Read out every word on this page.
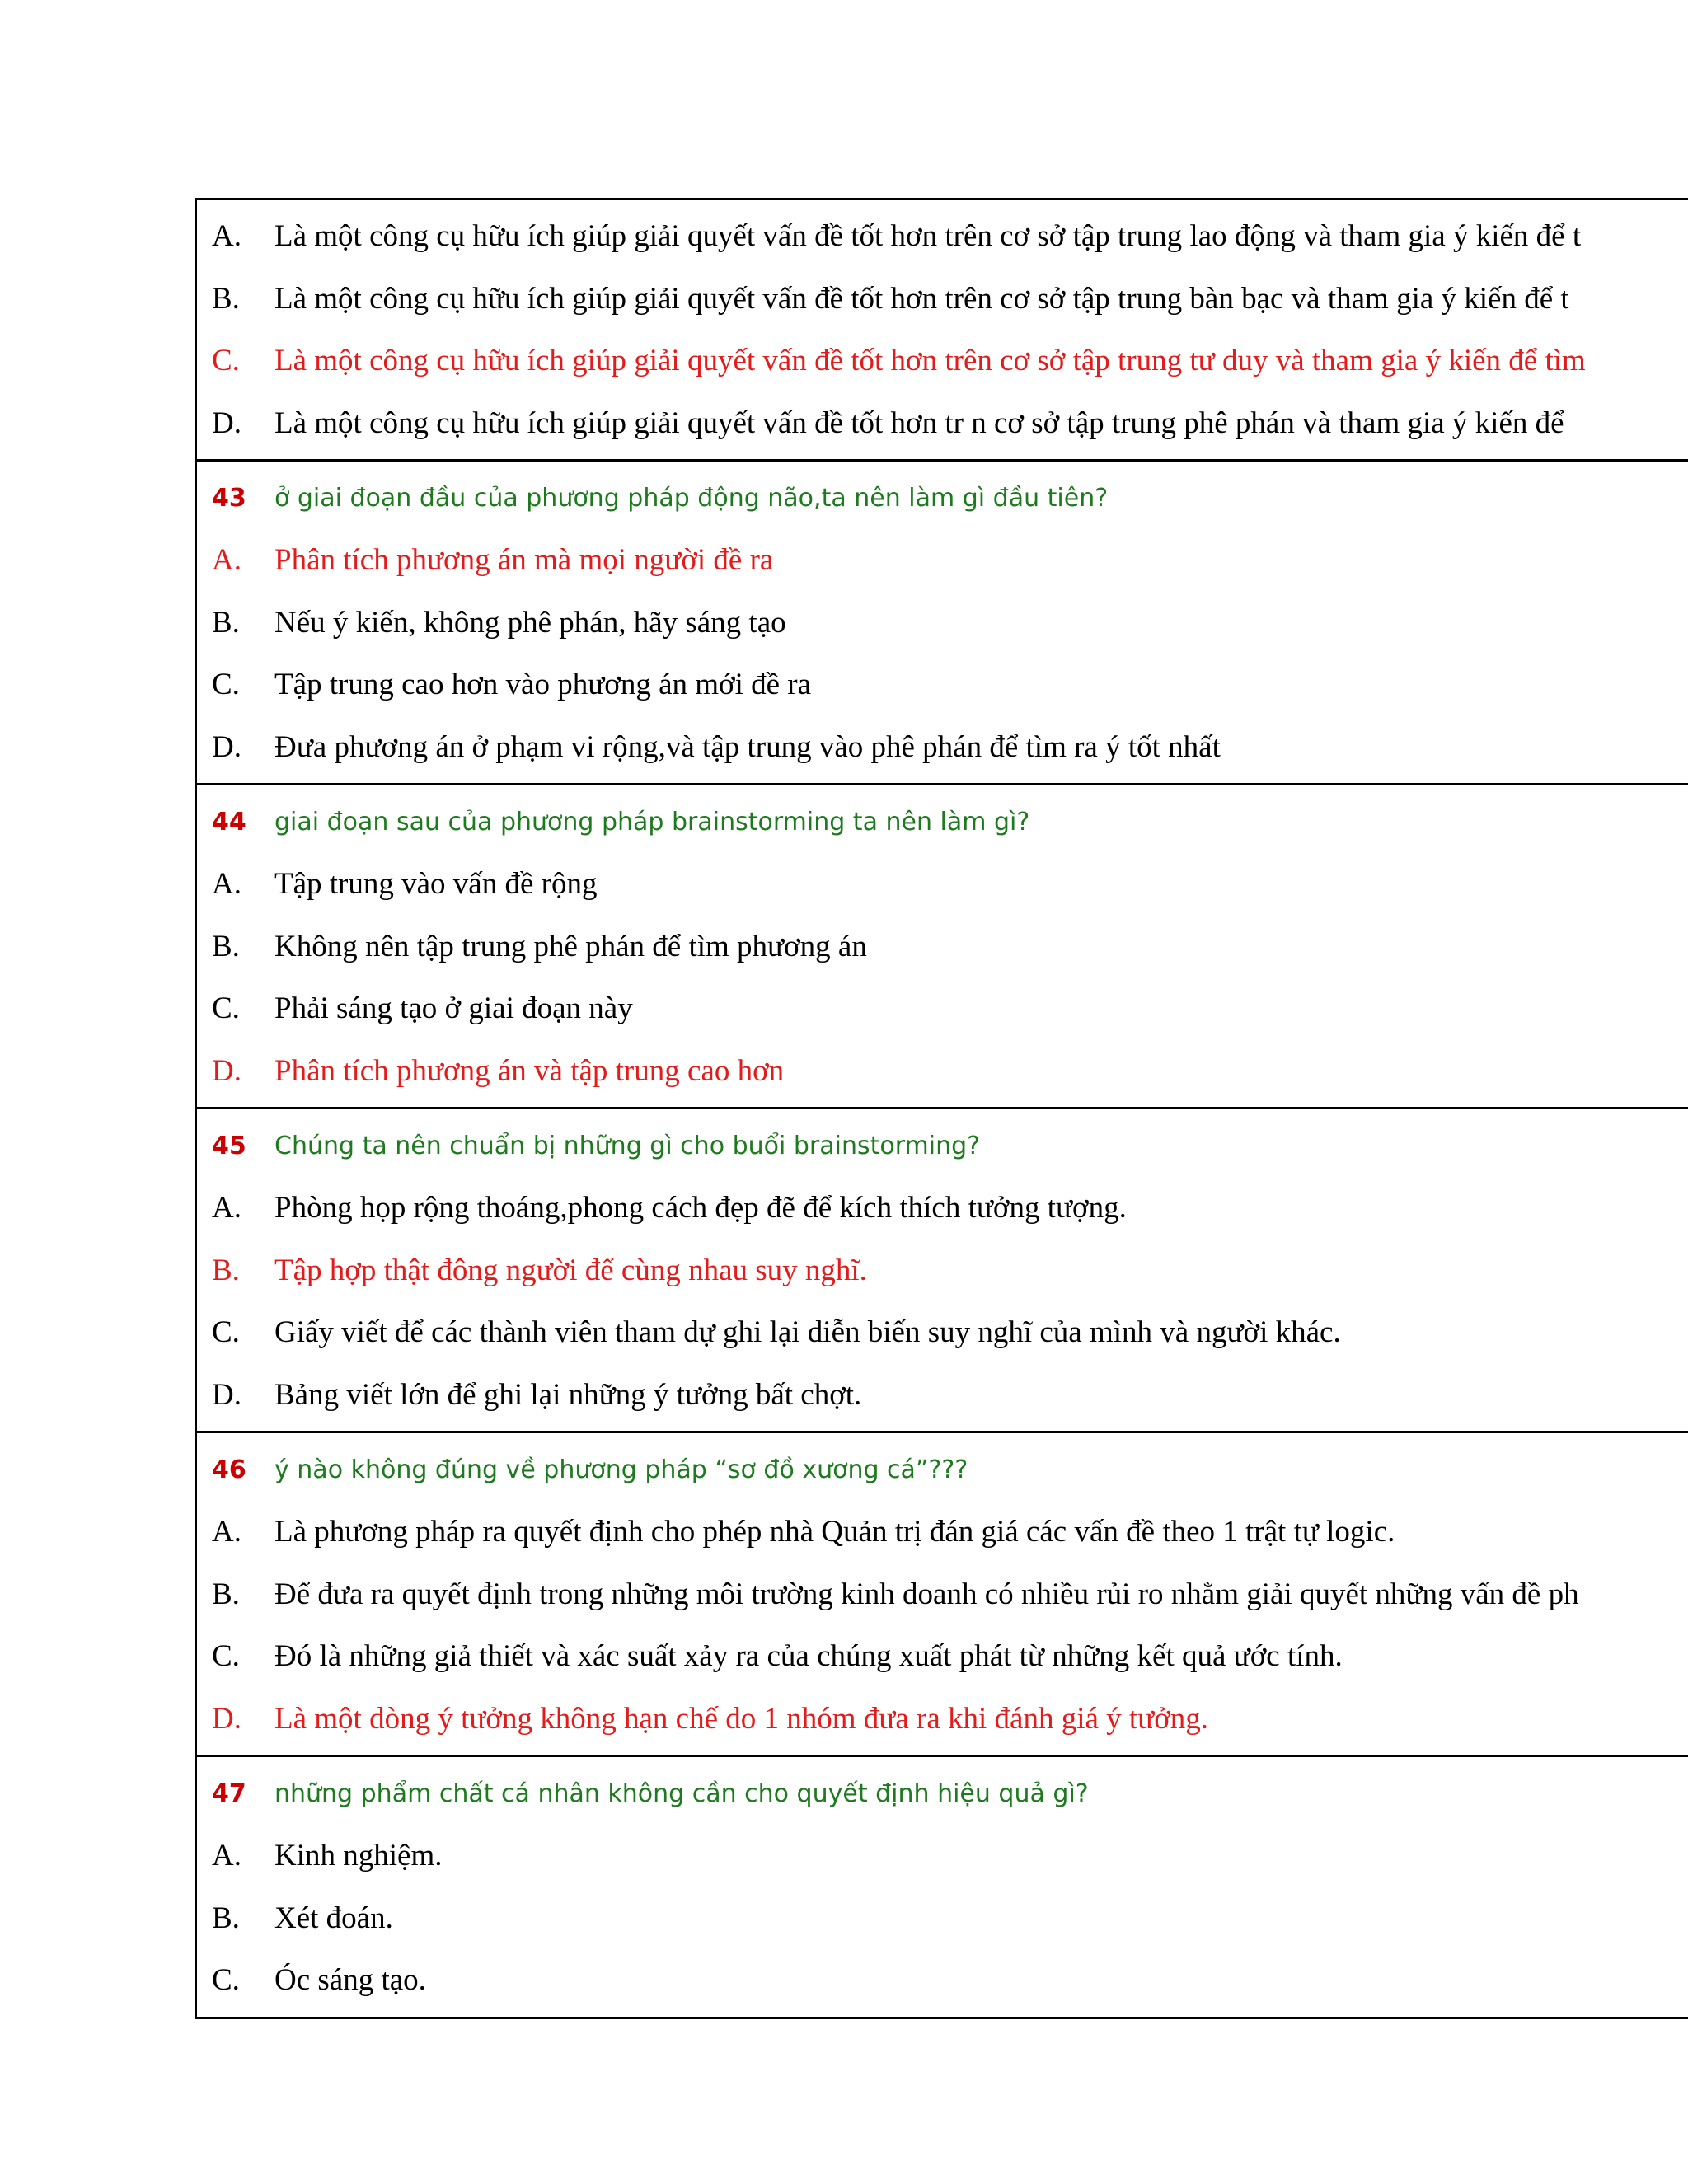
A.	Là một công cụ hữu ích giúp giải quyết vấn đề tốt hơn trên cơ sở tập trung lao động và tham gia ý kiến để t
B.	Là một công cụ hữu ích giúp giải quyết vấn đề tốt hơn trên cơ sở tập trung bàn bạc và tham gia ý kiến để t
C.	Là một công cụ hữu ích giúp giải quyết vấn đề tốt hơn trên cơ sở tập trung tư duy và tham gia ý kiến để tìm
D.	Là một công cụ hữu ích giúp giải quyết vấn đề tốt hơn tr n cơ sở tập trung phê phán và tham gia ý kiến để
43	ở giai đoạn đầu của phương pháp động não,ta nên làm gì đầu tiên?
A.	Phân tích phương án mà mọi người đề ra
B.	Nếu ý kiến, không phê phán, hãy sáng tạo
C.	Tập trung cao hơn vào phương án mới đề ra
D.	Đưa phương án ở phạm vi rộng,và tập trung vào phê phán để tìm ra ý tốt nhất
44	giai đoạn sau của phương pháp brainstorming ta nên làm gì?
A.	Tập trung vào vấn đề rộng
B.	Không nên tập trung phê phán để tìm phương án
C.	Phải sáng tạo ở giai đoạn này
D.	Phân tích phương án và tập trung cao hơn
45	Chúng ta nên chuẩn bị những gì cho buổi brainstorming?
A.	Phòng họp rộng thoáng,phong cách đẹp đẽ để kích thích tưởng tượng.
B.	Tập hợp thật đông người để cùng nhau suy nghĩ.
C.	Giấy viết để các thành viên tham dự ghi lại diễn biến suy nghĩ của mình và người khác.
D.	Bảng viết lớn để ghi lại những ý tưởng bất chợt.
46	ý nào không đúng về phương pháp “sơ đồ xương cá”???
A.	Là phương pháp ra quyết định cho phép nhà Quản trị đán giá các vấn đề theo 1 trật tự logic.
B.	Để đưa ra quyết định trong những môi trường kinh doanh có nhiều rủi ro nhằm giải quyết những vấn đề ph
C.	Đó là những giả thiết và xác suất xảy ra của chúng xuất phát từ những kết quả ước tính.
D.	Là một dòng ý tưởng không hạn chế do 1 nhóm đưa ra khi đánh giá ý tưởng.
47	những phẩm chất cá nhân không cần cho quyết định hiệu quả gì?
A.	Kinh nghiệm.
B.	Xét đoán.
C.	Óc sáng tạo.
